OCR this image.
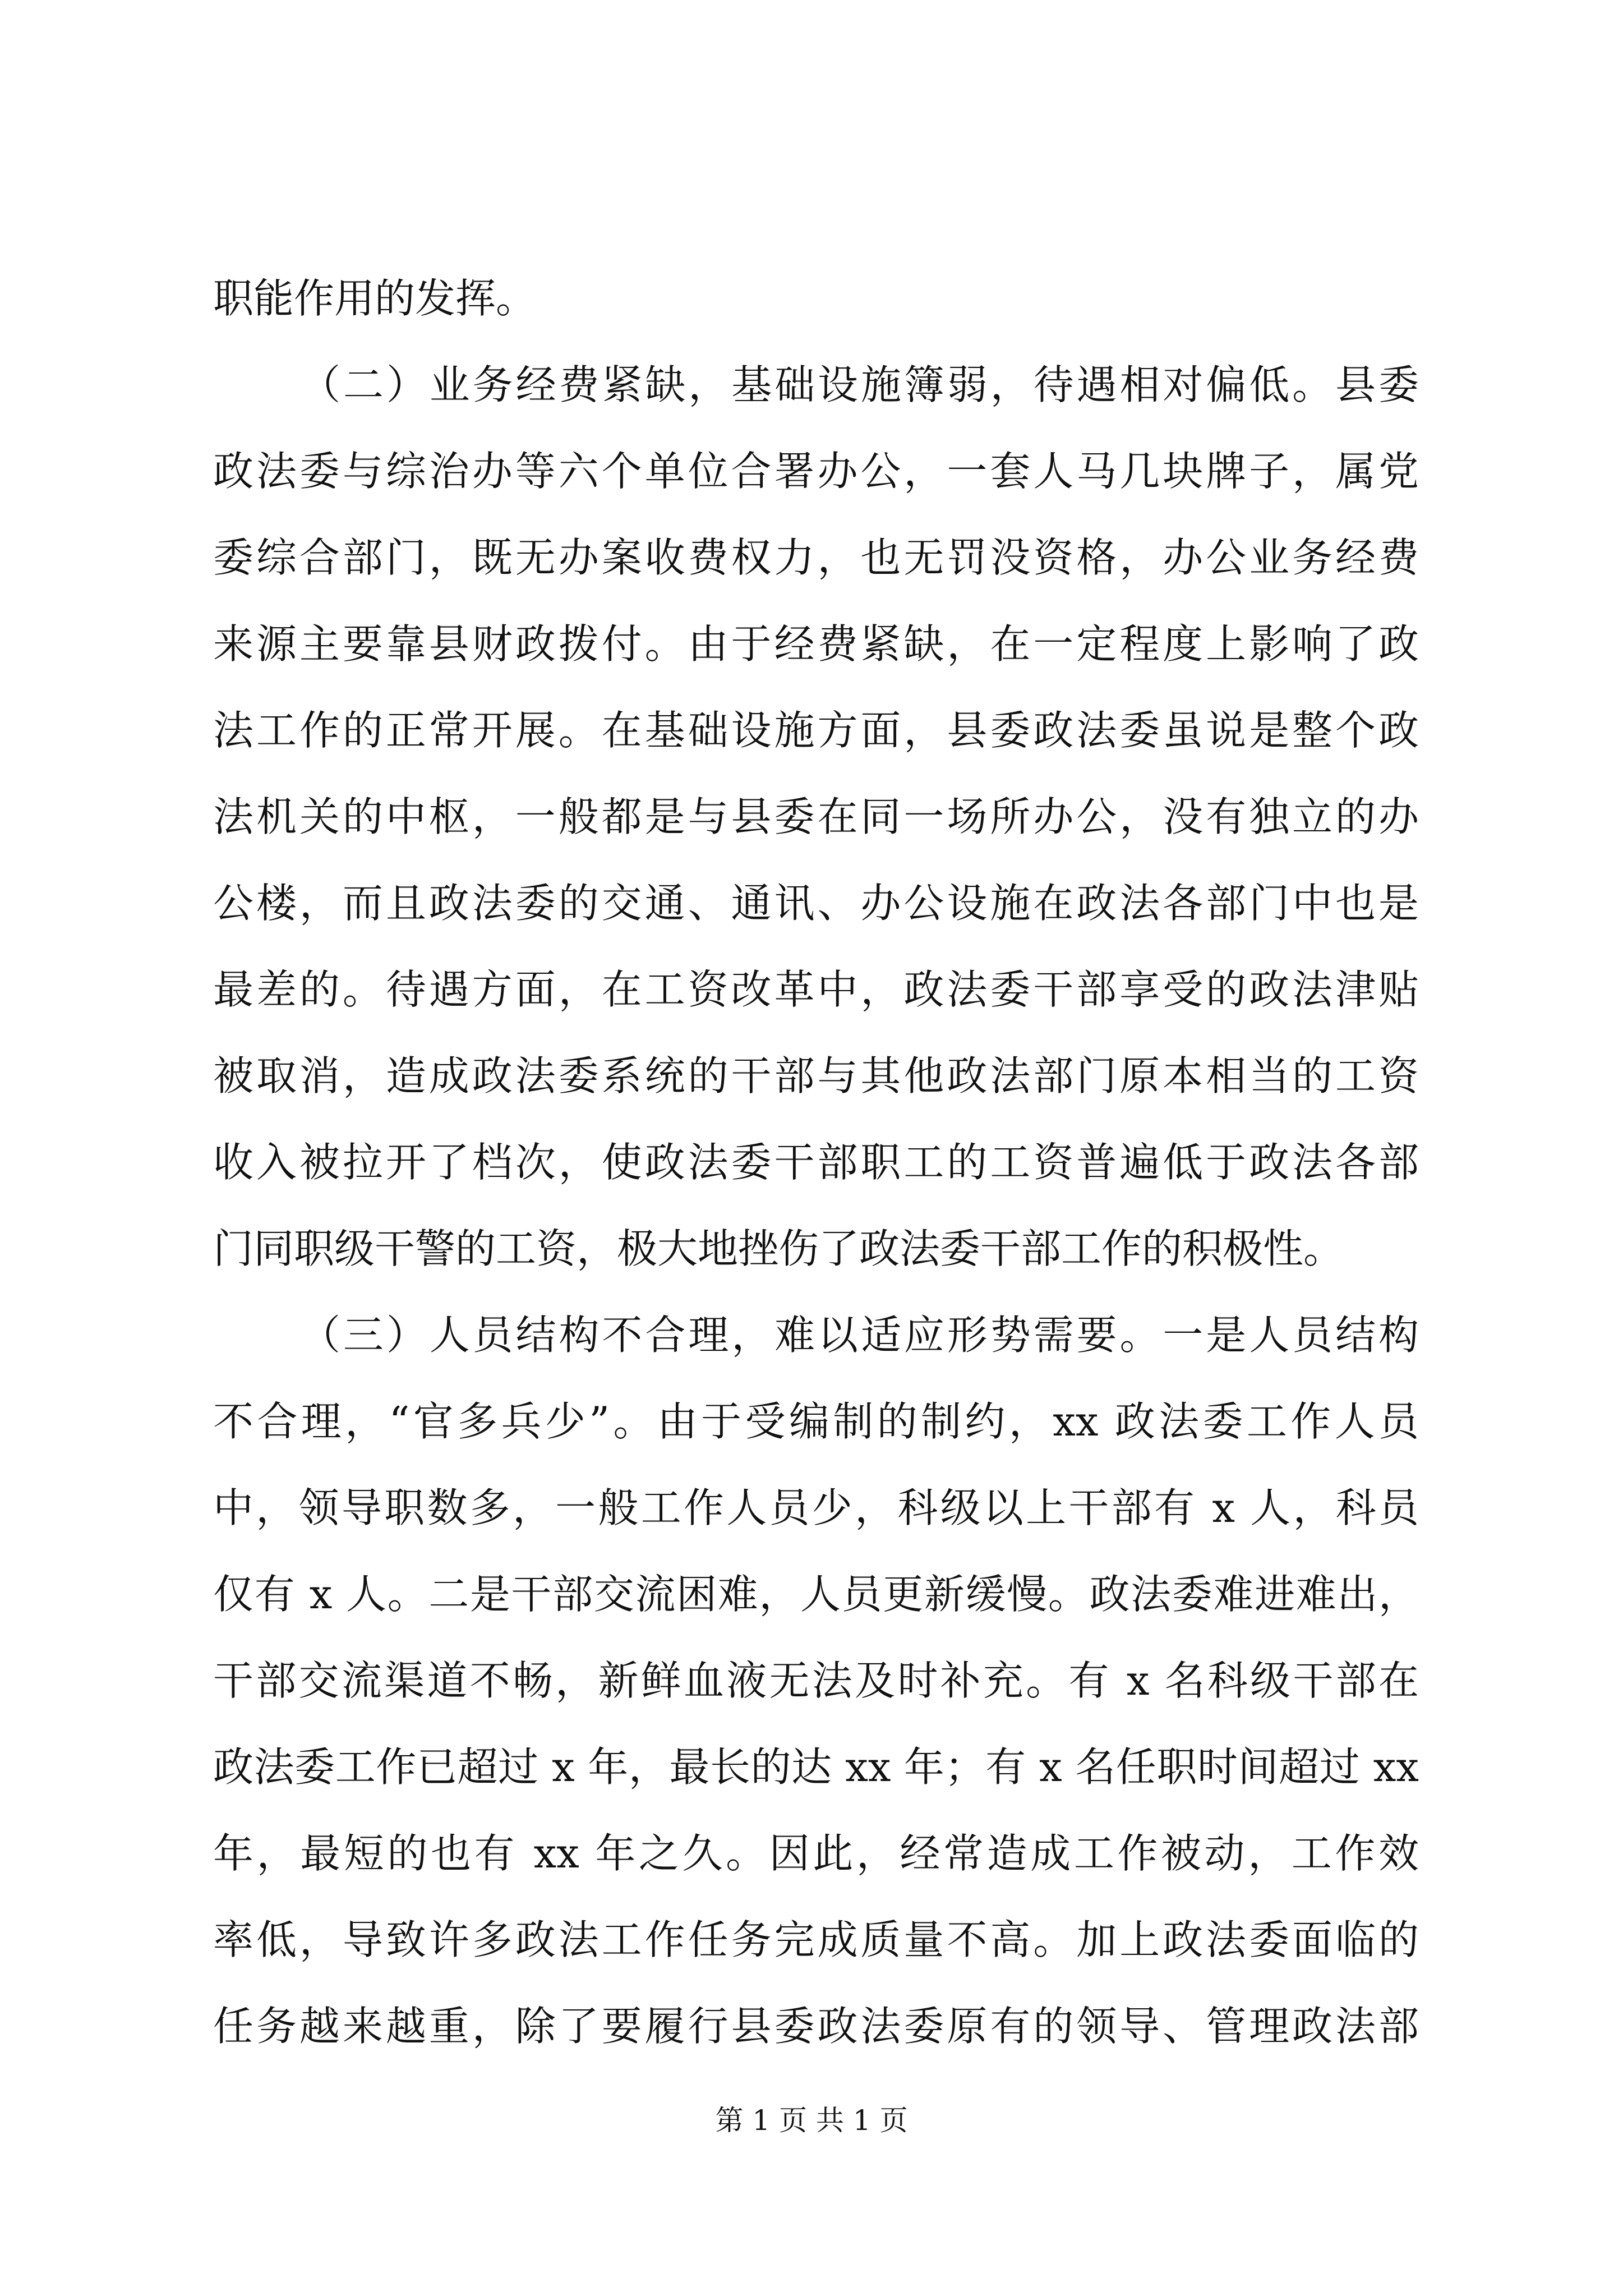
职能作用的发挥。
（二）业务经费紧缺，基础设施簿弱，待遇相对偏低。县委
政法委与综治办等六个单位合署办公，一套人马几块牌子，属党
委综合部门，既无办案收费权力，也无罚没资格，办公业务经费
来源主要靠县财政拨付。由于经费紧缺，在一定程度上影响了政
法工作的正常开展。在基础设施方面，县委政法委虽说是整个政
法机关的中枢，一般都是与县委在同一场所办公，没有独立的办
公楼，而且政法委的交通、通讯、办公设施在政法各部门中也是
最差的。待遇方面，在工资改革中，政法委干部享受的政法津贴
被取消，造成政法委系统的干部与其他政法部门原本相当的工资
收入被拉开了档次，使政法委干部职工的工资普遍低于政法各部
门同职级干警的工资，极大地挫伤了政法委干部工作的积极性。
（三）人员结构不合理，难以适应形势需要。一是人员结构
不合理，“官多兵少”。由于受编制的制约，xx 政法委工作人员
中，领导职数多，一般工作人员少，科级以上干部有 x 人，科员
仅有 x 人。二是干部交流困难，人员更新缓慢。政法委难进难出，
干部交流渠道不畅，新鲜血液无法及时补充。有 x 名科级干部在
政法委工作已超过 x 年，最长的达 xx 年；有 x 名任职时间超过 xx
年，最短的也有 xx 年之久。因此，经常造成工作被动，工作效
率低，导致许多政法工作任务完成质量不高。加上政法委面临的
任务越来越重，除了要履行县委政法委原有的领导、管理政法部
第 1 页 共 1 页
